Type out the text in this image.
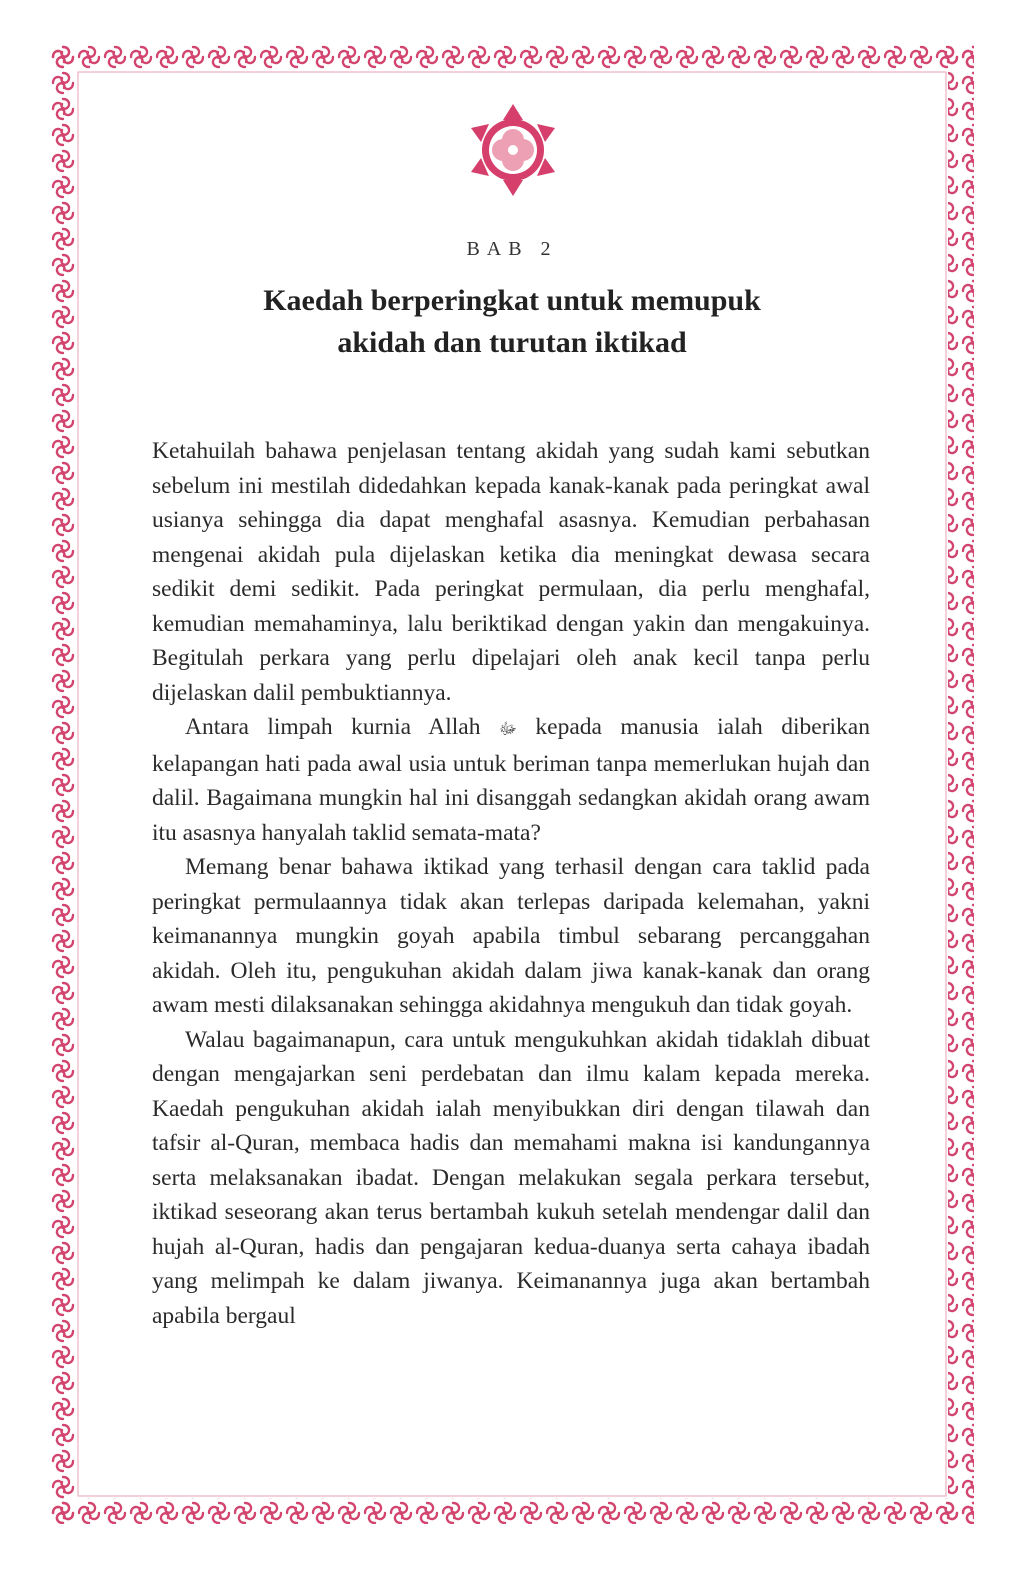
BAB 2
Kaedah berperingkat untuk memupuk
akidah dan turutan iktikad

Ketahuilah bahawa penjelasan tentang akidah yang sudah kami sebutkan sebelum ini mestilah didedahkan kepada kanak-kanak pada peringkat awal usianya sehingga dia dapat menghafal asasnya. Kemudian perbahasan mengenai akidah pula dijelaskan ketika dia meningkat dewasa secara sedikit demi sedikit. Pada peringkat permulaan, dia perlu menghafal, kemudian memahaminya, lalu beriktikad dengan yakin dan mengakuinya. Begitulah perkara yang perlu dipelajari oleh anak kecil tanpa perlu dijelaskan dalil pembuktiannya.

Antara limpah kurnia Allah ﷻ kepada manusia ialah diberikan kelapangan hati pada awal usia untuk beriman tanpa memerlukan hujah dan dalil. Bagaimana mungkin hal ini disanggah sedangkan akidah orang awam itu asasnya hanyalah taklid semata-mata?

Memang benar bahawa iktikad yang terhasil dengan cara taklid pada peringkat permulaannya tidak akan terlepas daripada kelemahan, yakni keimanannya mungkin goyah apabila timbul sebarang percanggahan akidah. Oleh itu, pengukuhan akidah dalam jiwa kanak-kanak dan orang awam mesti dilaksanakan sehingga akidahnya mengukuh dan tidak goyah.

Walau bagaimanapun, cara untuk mengukuhkan akidah tidaklah dibuat dengan mengajarkan seni perdebatan dan ilmu kalam kepada mereka. Kaedah pengukuhan akidah ialah menyibukkan diri dengan tilawah dan tafsir al-Quran, membaca hadis dan memahami makna isi kandungannya serta melaksanakan ibadat. Dengan melakukan segala perkara tersebut, iktikad seseorang akan terus bertambah kukuh setelah mendengar dalil dan hujah al-Quran, hadis dan pengajaran kedua-duanya serta cahaya ibadah yang melimpah ke dalam jiwanya. Keimanannya juga akan bertambah apabila bergaul
